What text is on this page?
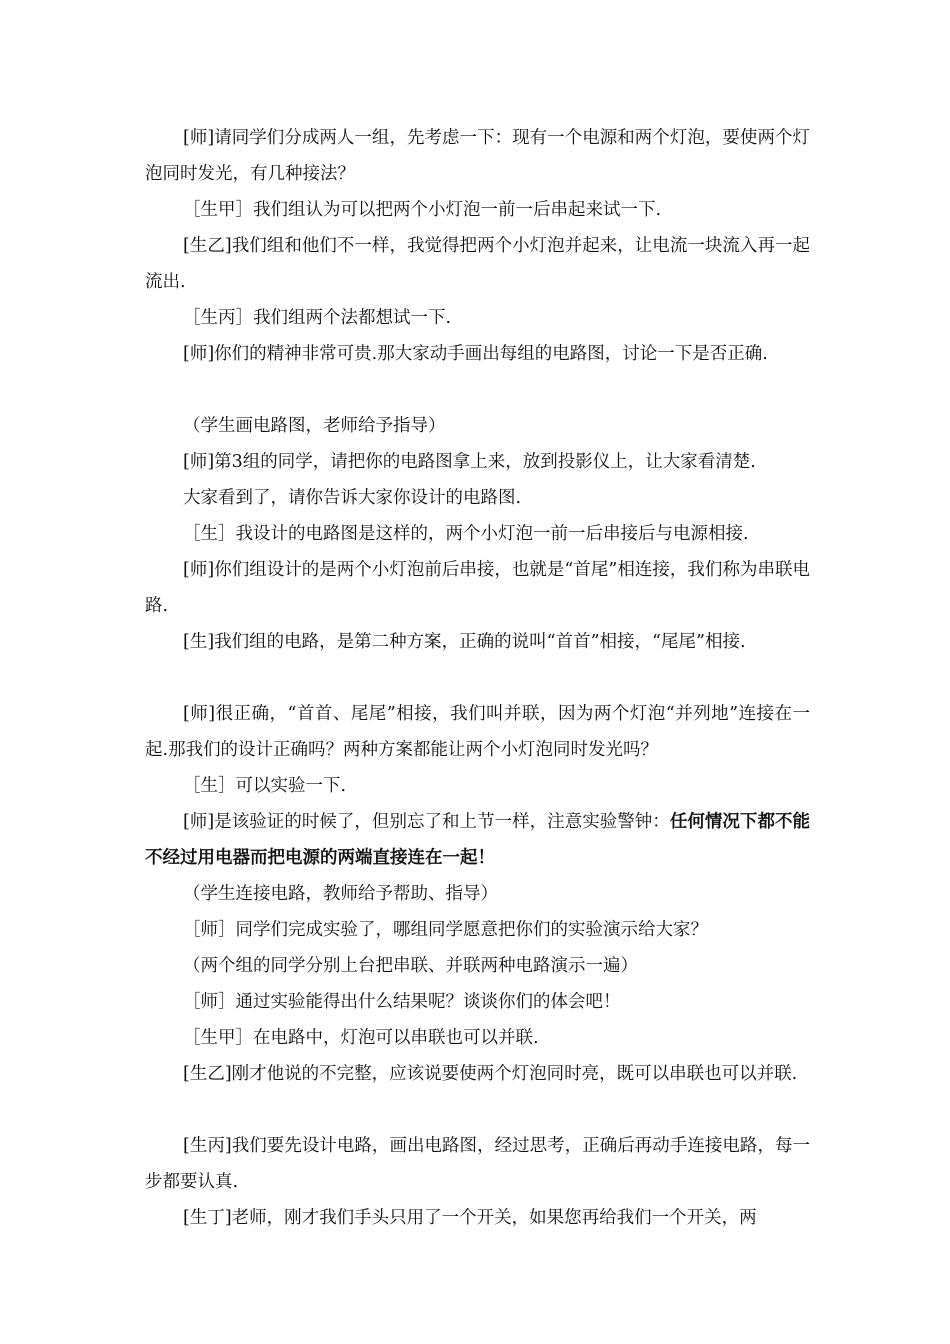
[师]请同学们分成两人一组，先考虑一下：现有一个电源和两个灯泡，要使两个灯泡同时发光，有几种接法？

［生甲］我们组认为可以把两个小灯泡一前一后串起来试一下.

[生乙]我们组和他们不一样，我觉得把两个小灯泡并起来，让电流一块流入再一起流出.

［生丙］我们组两个法都想试一下.

[师]你们的精神非常可贵.那大家动手画出每组的电路图，讨论一下是否正确.

（学生画电路图，老师给予指导）

[师]第3组的同学，请把你的电路图拿上来，放到投影仪上，让大家看清楚.

大家看到了，请你告诉大家你设计的电路图.

［生］我设计的电路图是这样的，两个小灯泡一前一后串接后与电源相接.

[师]你们组设计的是两个小灯泡前后串接，也就是“首尾”相连接，我们称为串联电路.

[生]我们组的电路，是第二种方案，正确的说叫“首首”相接，“尾尾”相接.

[师]很正确，“首首、尾尾”相接，我们叫并联，因为两个灯泡“并列地”连接在一起.那我们的设计正确吗？两种方案都能让两个小灯泡同时发光吗？

［生］可以实验一下.

[师]是该验证的时候了，但别忘了和上节一样，注意实验警钟：任何情况下都不能不经过用电器而把电源的两端直接连在一起！

（学生连接电路，教师给予帮助、指导）

［师］同学们完成实验了，哪组同学愿意把你们的实验演示给大家？

（两个组的同学分别上台把串联、并联两种电路演示一遍）

［师］通过实验能得出什么结果呢？谈谈你们的体会吧！

［生甲］在电路中，灯泡可以串联也可以并联.

[生乙]刚才他说的不完整，应该说要使两个灯泡同时亮，既可以串联也可以并联.

[生丙]我们要先设计电路，画出电路图，经过思考，正确后再动手连接电路，每一步都要认真.

[生丁]老师，刚才我们手头只用了一个开关，如果您再给我们一个开关，两
